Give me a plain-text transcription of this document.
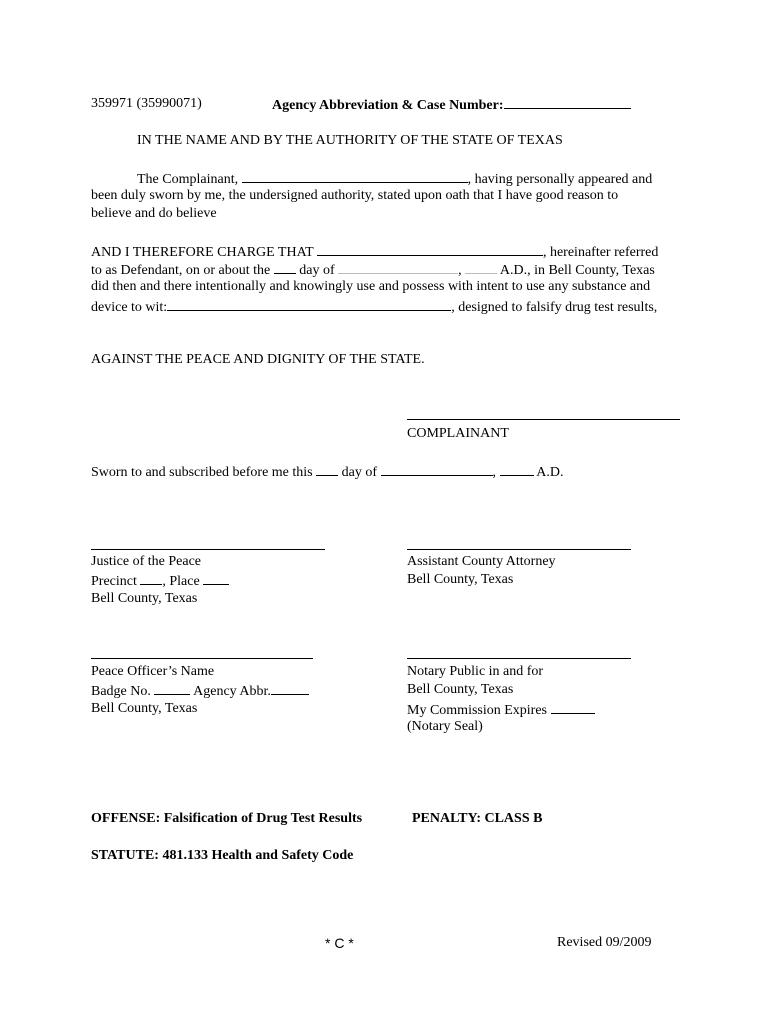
359971 (35990071)	Agency Abbreviation & Case Number:
IN THE NAME AND BY THE AUTHORITY OF THE STATE OF TEXAS
The Complainant,	, having personally appeared and
been duly sworn by me, the undersigned authority, stated upon oath that I have good reason to
believe and do believe
AND I THEREFORE CHARGE THAT	, hereinafter referred
to as Defendant, on or about the day of	,	A.D., in Bell County, Texas
did then and there intentionally and knowingly use and possess with intent to use any substance and
device to wit:	, designed to falsify drug test results,
AGAINST THE PEACE AND DIGNITY OF THE STATE.
COMPLAINANT
Sworn to and subscribed before me this day of	,	A.D.
Justice of the Peace
Precinct , Place
Bell County, Texas
Assistant County Attorney
Bell County, Texas
Peace Officer’s Name
Badge No.	Agency Abbr.
Bell County, Texas
Notary Public in and for
Bell County, Texas
My Commission Expires
(Notary Seal)
OFFENSE: Falsification of Drug Test Results	PENALTY: CLASS B
STATUTE: 481.133 Health and Safety Code
* C *	Revised 09/2009
